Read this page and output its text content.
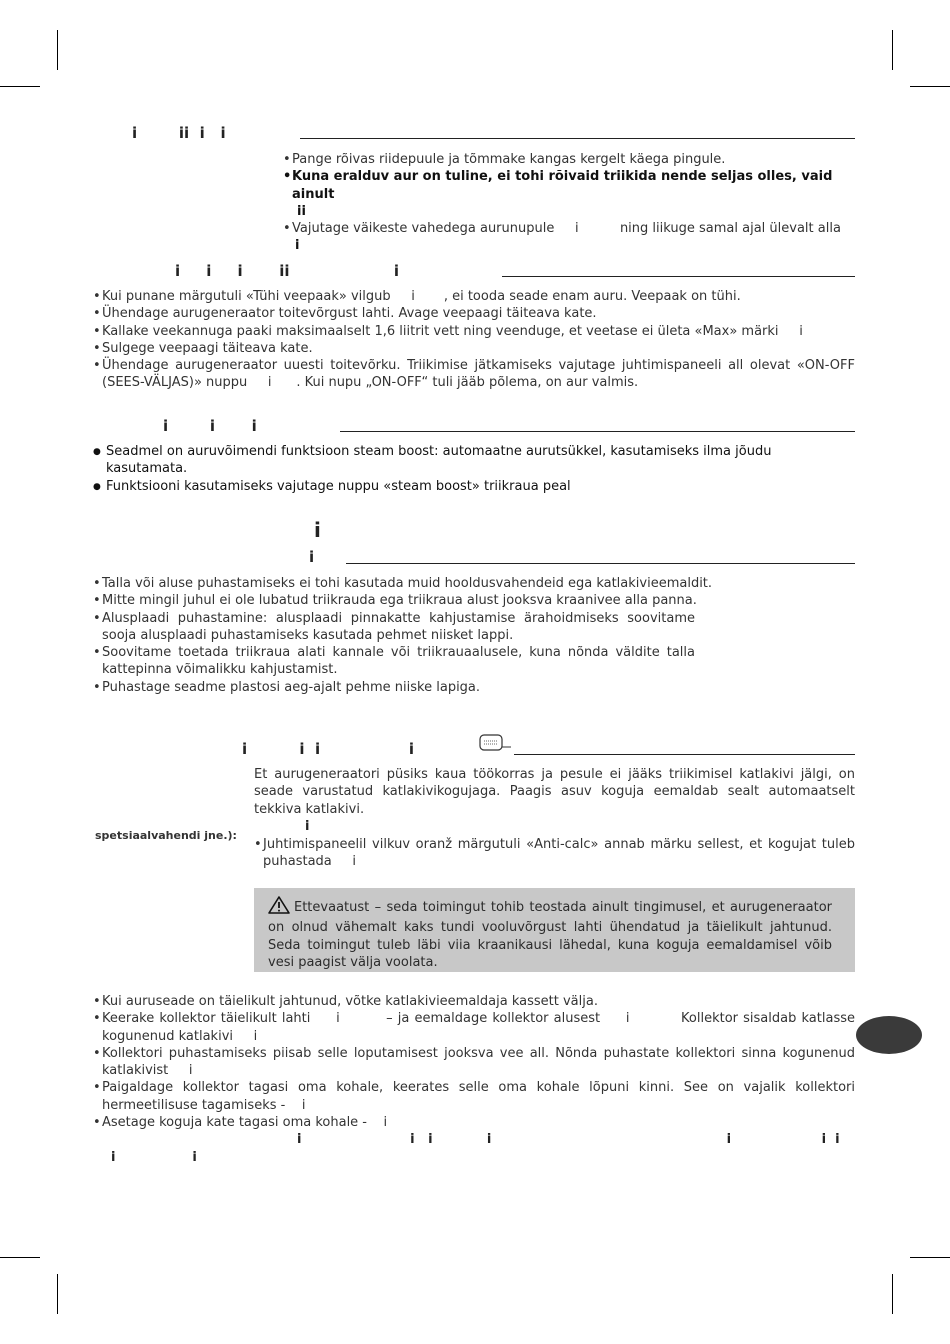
i        ii  i   i

• Pange rõivas riidepuule ja tõmmake kangas kergelt käega pingule.

• Kuna eralduv aur on tuline, ei tohi rõivaid triikida nende seljas olles, vaid ainult

ii

• Vajutage väikeste vahedega aurunupule     i          ning liikuge samal ajal ülevalt alla

i

i     i     i       ii                    i

• Kui punane märgutuli «Tühi veepaak» vilgub     i       , ei tooda seade enam auru. Veepaak on tühi.

• Ühendage aurugeneraator toitevõrgust lahti. Avage veepaagi täiteava kate.

• Kallake veekannuga paaki maksimaalselt 1,6 liitrit vett ning veenduge, et veetase ei ületa «Max» märki     i

• Sulgege veepaagi täiteava kate.

• Ühendage aurugeneraator uuesti toitevõrku. Triikimise jätkamiseks vajutage juhtimispaneeli all olevat «ON-OFF (SEES-VÄLJAS)» nuppu     i      . Kui nupu „ON-OFF“ tuli jääb põlema, on aur valmis.

i        i       i

● Seadmel on auruvõimendi funktsioon steam boost: automaatne aurutsükkel, kasutamiseks ilma jõudu kasutamata.

● Funktsiooni kasutamiseks vajutage nuppu «steam boost» triikraua peal

i
i

• Talla või aluse puhastamiseks ei tohi kasutada muid hooldusvahendeid ega katlakivieemaldit.

• Mitte mingil juhul ei ole lubatud triikrauda ega triikraua alust jooksva kraanivee alla panna.

• Alusplaadi puhastamine: alusplaadi pinnakatte kahjustamise ärahoidmiseks soovitame sooja alusplaadi puhastamiseks kasutada pehmet niisket lappi.

• Soovitame toetada triikraua alati kannale või triikrauaalusele, kuna nõnda väldite talla kattepinna võimalikku kahjustamist.

• Puhastage seadme plastosi aeg-ajalt pehme niiske lapiga.

i          i  i                 i
Et aurugeneraatori püsiks kaua töökorras ja pesule ei jääks triikimisel katlakivi jälgi, on seade varustatud katlakivikogujaga. Paagis asuv koguja eemaldab sealt automaatselt tekkiva katlakivi.
i
spetsiaalvahendi jne.):

• Juhtimispaneelil vilkuv oranž märgutuli «Anti-calc» annab märku sellest, et kogujat tuleb puhastada     i

Ettevaatust – seda toimingut tohib teostada ainult tingimusel, et aurugeneraator on olnud vähemalt kaks tundi vooluvõrgust lahti ühendatud ja täielikult jahtunud. Seda toimingut tuleb läbi viia kraanikausi lähedal, kuna koguja eemaldamisel võib vesi paagist välja voolata.

• Kui auruseade on täielikult jahtunud, võtke katlakivieemaldaja kassett välja.

• Keerake kollektor täielikult lahti     i         – ja eemaldage kollektor alusest     i          Kollektor sisaldab katlasse kogunenud katlakivi     i

• Kollektori puhastamiseks piisab selle loputamisest jooksva vee all. Nõnda puhastate kollektori sinna kogunenud katlakivist     i

• Paigaldage kollektor tagasi oma kohale, keerates selle oma kohale lõpuni kinni. See on vajalik kollektori hermeetilisuse tagamiseks -    i

• Asetage koguja kate tagasi oma kohale -    i

i                        i   i            i                                                    i                    i  i
i                 i
